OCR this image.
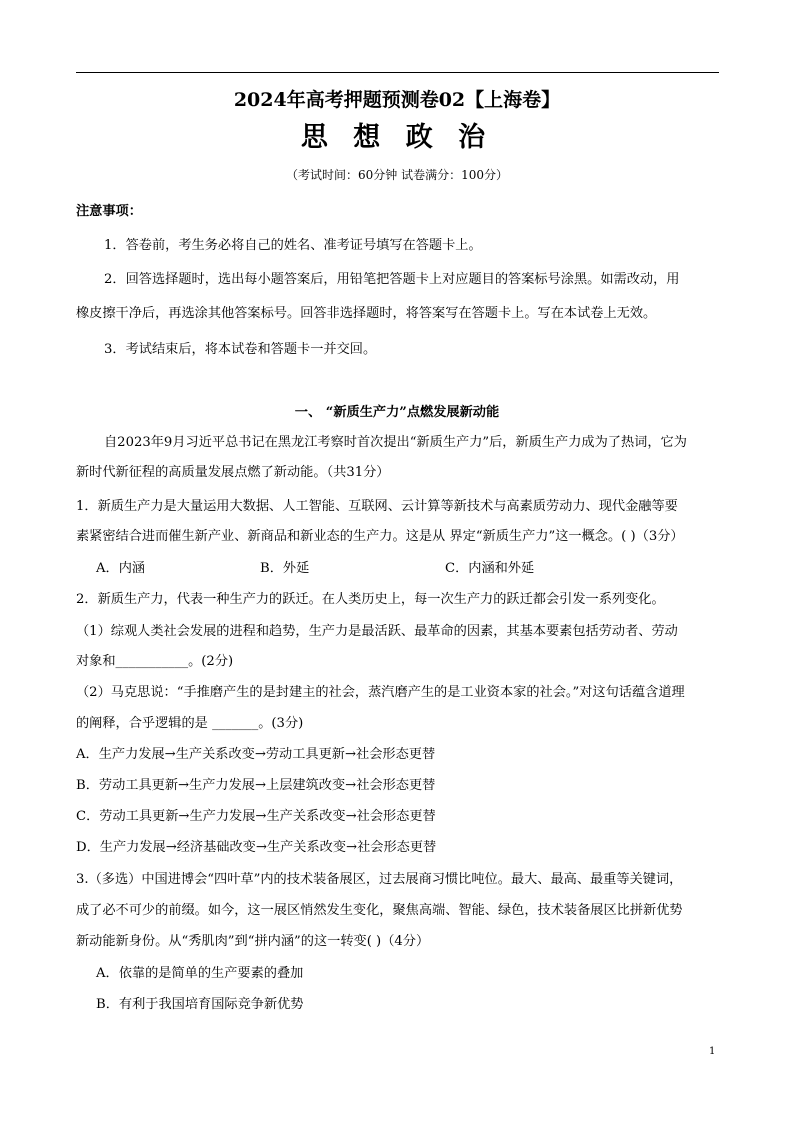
2024年高考押题预测卷02【上海卷】
思 想 政 治
（考试时间：60分钟 试卷满分：100分）
注意事项：
1．答卷前，考生务必将自己的姓名、准考证号填写在答题卡上。
2．回答选择题时，选出每小题答案后，用铅笔把答题卡上对应题目的答案标号涂黑。如需改动，用
橡皮擦干净后，再选涂其他答案标号。回答非选择题时，将答案写在答题卡上。写在本试卷上无效。
3．考试结束后，将本试卷和答题卡一并交回。
一、 “新质生产力”点燃发展新动能
自2023年9月习近平总书记在黑龙江考察时首次提出“新质生产力”后，新质生产力成为了热词，它为
新时代新征程的高质量发展点燃了新动能。（共31分）
1．新质生产力是大量运用大数据、人工智能、互联网、云计算等新技术与高素质劳动力、现代金融等要
素紧密结合进而催生新产业、新商品和新业态的生产力。这是从 界定“新质生产力”这一概念。( )（3分）
A．内涵	B．外延	C．内涵和外延
2．新质生产力，代表一种生产力的跃迁。在人类历史上，每一次生产力的跃迁都会引发一系列变化。
（1）综观人类社会发展的进程和趋势，生产力是最活跃、最革命的因素，其基本要素包括劳动者、劳动
对象和___________。(2分)
（2）马克思说：“手推磨产生的是封建主的社会，蒸汽磨产生的是工业资本家的社会。”对这句话蕴含道理
的阐释，合乎逻辑的是 _______。(3分)
A．生产力发展→生产关系改变→劳动工具更新→社会形态更替
B．劳动工具更新→生产力发展→上层建筑改变→社会形态更替
C．劳动工具更新→生产力发展→生产关系改变→社会形态更替
D．生产力发展→经济基础改变→生产关系改变→社会形态更替
3.（多选）中国进博会“四叶草”内的技术装备展区，过去展商习惯比吨位。最大、最高、最重等关键词，
成了必不可少的前缀。如今，这一展区悄然发生变化，聚焦高端、智能、绿色，技术装备展区比拼新优势
新动能新身份。从“秀肌肉”到“拼内涵”的这一转变( )（4分）
A．依靠的是简单的生产要素的叠加
B．有利于我国培育国际竞争新优势
1
